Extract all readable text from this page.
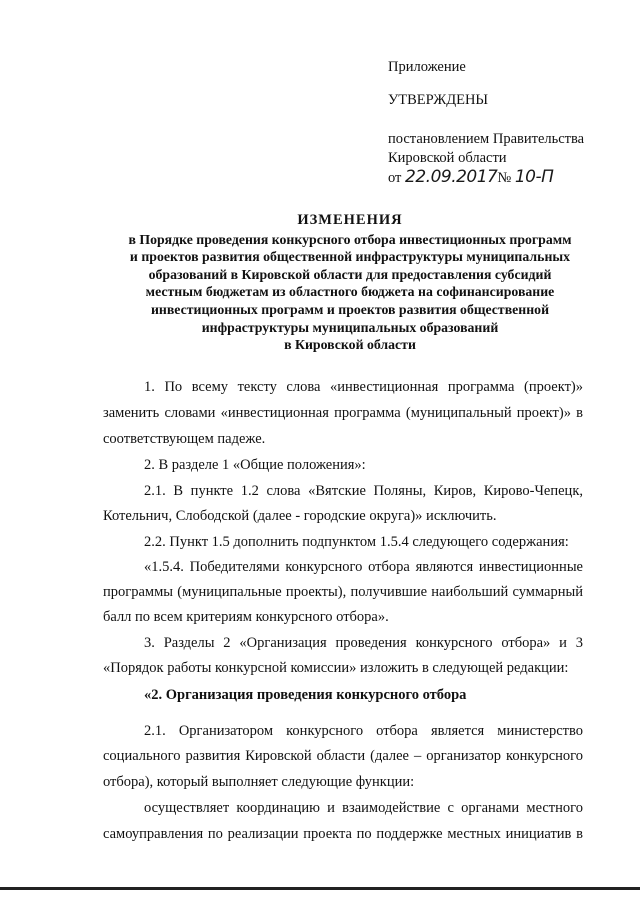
Приложение
УТВЕРЖДЕНЫ
постановлением Правительства
Кировской области
от 22.09.2017№ 10-П
ИЗМЕНЕНИЯ
в Порядке проведения конкурсного отбора инвестиционных программ
и проектов развития общественной инфраструктуры муниципальных
образований в Кировской области для предоставления субсидий
местным бюджетам из областного бюджета на софинансирование
инвестиционных программ и проектов развития общественной
инфраструктуры муниципальных образований
в Кировской области
1. По всему тексту слова «инвестиционная программа (проект)»
заменить словами «инвестиционная программа (муниципальный проект)» в
соответствующем падеже.
2. В разделе 1 «Общие положения»:
2.1. В пункте 1.2 слова «Вятские Поляны, Киров, Кирово-Чепецк,
Котельнич, Слободской (далее - городские округа)» исключить.
2.2. Пункт 1.5 дополнить подпунктом 1.5.4 следующего содержания:
«1.5.4. Победителями конкурсного отбора являются инвестиционные
программы (муниципальные проекты), получившие наибольший суммарный
балл по всем критериям конкурсного отбора».
3. Разделы 2 «Организация проведения конкурсного отбора» и 3
«Порядок работы конкурсной комиссии» изложить в следующей редакции:
«2. Организация проведения конкурсного отбора
2.1. Организатором конкурсного отбора является министерство
социального развития Кировской области (далее – организатор конкурсного
отбора), который выполняет следующие функции:
осуществляет координацию и взаимодействие с органами местного
самоуправления по реализации проекта по поддержке местных инициатив в
